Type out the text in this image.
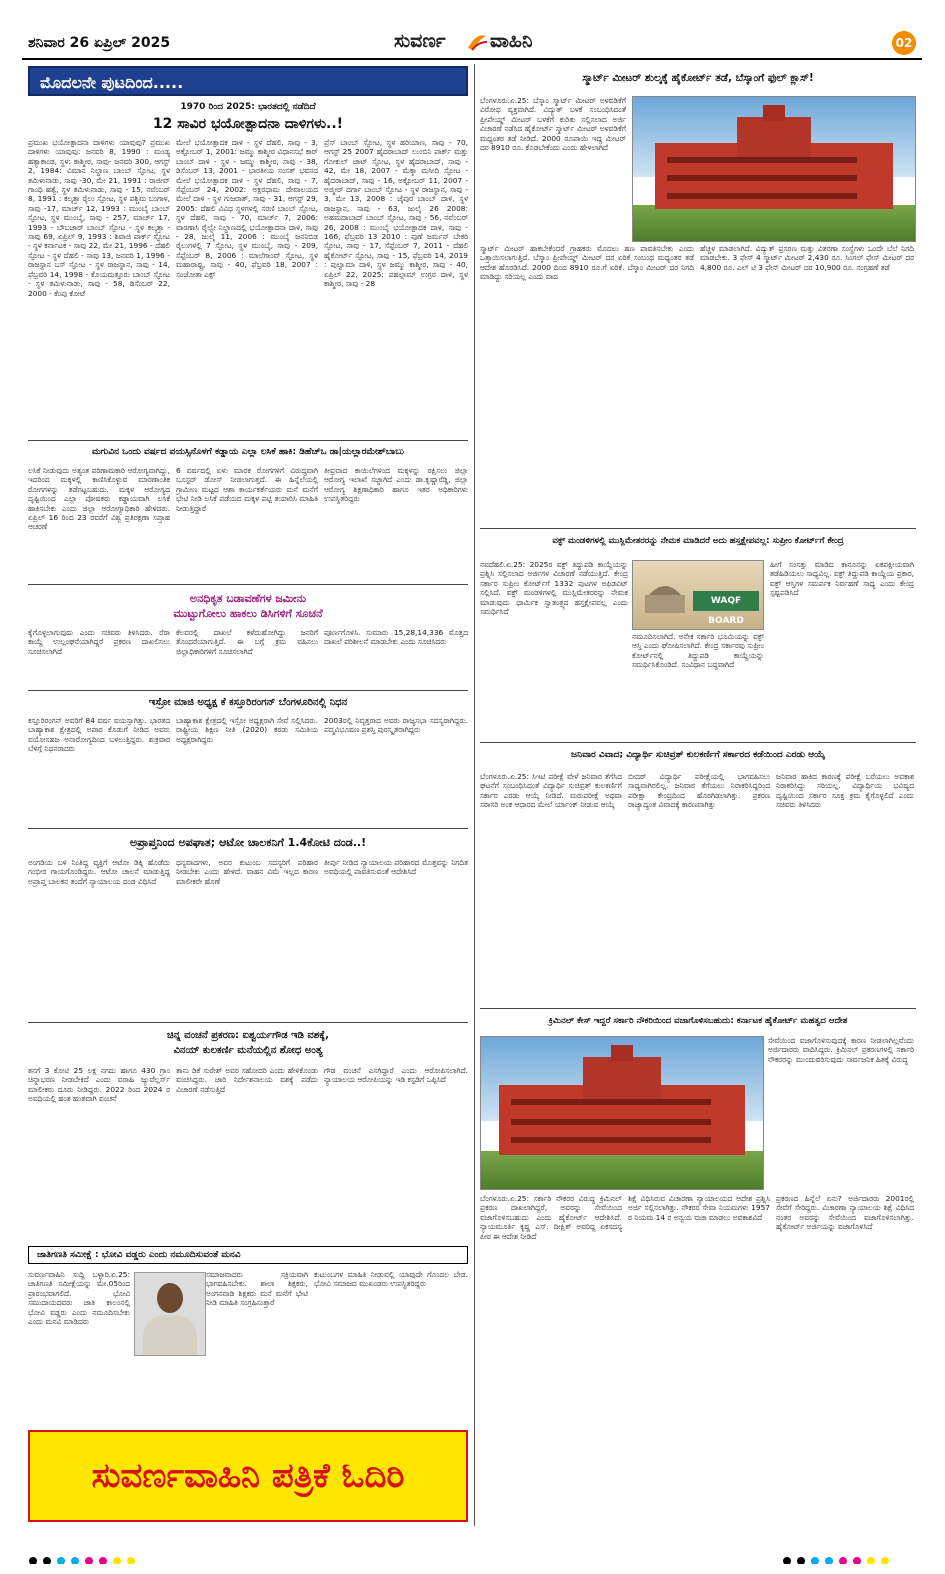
ಶನಿವಾರ 26 ಏಪ್ರಿಲ್ 2025	ಸುವರ್ಣ ವಾಹಿನಿ	02
ಮೊದಲನೇ ಪುಟದಿಂದ.....
1970 ರಿಂದ 2025: ಭಾರತದಲ್ಲಿ ನಡೆದಿದೆ
12 ಸಾವಿರ ಭಯೋತ್ಪಾದನಾ ದಾಳಿಗಳು..!
ಪ್ರಮುಖ ಭಯೋತ್ಪಾದನಾ ದಾಳಿಗಳು ಯಾವುವು? ಪ್ರಮುಖ ದಾಳಿಗಳು ಯಾವುವು: ಜನವರಿ 8, 1990 : ಮಂಡ್ಯ ಹತ್ಯಾಕಾಂಡ, ಸ್ಥಳ: ಕಾಶ್ಮೀರ, ಸಾವು- ಜನವರಿ 300, ಆಗಸ್ಟ್ 2, 1984: ವಿಮಾನ ನಿಲ್ದಾಣ ಬಾಂಬ್ ಸ್ಫೋಟ, ಸ್ಥಳ ತಮಿಳುನಾಡು, ಸಾವು -30, ಮೇ 21, 1991 : ರಾಜೀವ್ ಗಾಂಧಿ ಹತ್ಯೆ, ಸ್ಥಳ ತಮಿಳುನಾಡು, ಸಾವು - 15, ನವೆಂಬರ್ 8, 1991 : ಕಲ್ಕತ್ತಾ ರೈಲು ಸ್ಫೋಟ, ಸ್ಥಳ ಪಶ್ಚಿಮ ಬಂಗಾಳ, ಸಾವು -17, ಮಾರ್ಚ್ 12, 1993 : ಮುಂಬೈ ಬಾಂಬ್ ಸ್ಫೋಟ, ಸ್ಥಳ ಮುಂಬೈ, ಸಾವು - 257, ಮಾರ್ಚ್ 17, 1993 - ಬೌಬಜಾರ್ ಬಾಂಬ್ ಸ್ಫೋಟ - ಸ್ಥಳ ಕಲ್ಕತ್ತಾ - ಸಾವು 69, ಏಪ್ರಿಲ್ 9, 1993 : ಶಿವಾಜಿ ಪಾರ್ಕ್ ಸ್ಫೋಟ - ಸ್ಥಳ ಕರ್ನಾಟಕ - ಸಾವು 22, ಮೇ 21, 1996 - ದೆಹಲಿ ಸ್ಫೋಟ - ಸ್ಥಳ ದೆಹಲಿ - ಸಾವು 13, ಜನವರಿ 1, 1996 - ರಾಜಸ್ಥಾನ ಬಸ್ ಸ್ಫೋಟ - ಸ್ಥಳ ರಾಜಸ್ಥಾನ, ಸಾವು - 14, ಫೆಬ್ರವರಿ 14, 1998 - ಕೊಯಮತ್ತೂರು ಬಾಂಬ್ ಸ್ಫೋಟ - ಸ್ಥಳ ತಮಿಳುನಾಡು, ಸಾವು - 58, ಡಿಸೆಂಬರ್ 22, 2000 - ಕೆಂಪು ಕೋಟೆ
ಮೇಲೆ ಭಯೋತ್ಪಾದಕ ದಾಳಿ - ಸ್ಥಳ ದೆಹಲಿ, ಸಾವು - 3, ಅಕ್ಟೋಬರ್ 1, 2001: ಜಮ್ಮು ಕಾಶ್ಮೀರ ವಿಧಾನಸಭೆ ಕಾರ್ ಬಾಂಬ್ ದಾಳಿ - ಸ್ಥಳ - ಜಮ್ಮು ಕಾಶ್ಮೀರ, ಸಾವು - 38, ಡಿಸೆಂಬರ್ 13, 2001 - ಭಾರತೀಯ ಸಂಸತ್ ಭವನದ ಮೇಲೆ ಭಯೋತ್ಪಾದಕ ದಾಳಿ - ಸ್ಥಳ ದೆಹಲಿ, ಸಾವು - 7, ಸೆಪ್ಟೆಂಬರ್ 24, 2002: ಅಕ್ಷರಧಾಮ ದೇವಾಲಯದ ಮೇಲೆ ದಾಳಿ - ಸ್ಥಳ ಗುಜರಾತ್, ಸಾವು - 31, ಆಗಸ್ಟ್ 29, 2005: ದೆಹಲಿ ವಿವಿಧ ಸ್ಥಳಗಳಲ್ಲಿ ಸರಣಿ ಬಾಂಬ್ ಸ್ಫೋಟ, ಸ್ಥಳ ದೆಹಲಿ, ಸಾವು - 70, ಮಾರ್ಚ್ 7, 2006: ವಾರಣಾಸಿ ರೈಲ್ವೇ ನಿಲ್ದಾಣದಲ್ಲಿ ಭಯೋತ್ಪಾದನಾ ದಾಳಿ, ಸಾವು - 28, ಜುಲೈ 11, 2006 : ಮುಂಬೈ ಜನನಿಬಿಡ ರೈಲುಗಳಲ್ಲಿ 7 ಸ್ಫೋಟ, ಸ್ಥಳ ಮುಂಬೈ, ಸಾವು - 209, ಸೆಪ್ಟೆಂಬರ್ 8, 2006 : ಮಾಲೆಗಾಂವ್ ಸ್ಫೋಟ, ಸ್ಥಳ ಮಹಾರಾಷ್ಟ್ರ, ಸಾವು - 40, ಫೆಬ್ರವರಿ 18, 2007 : ಸಂಜೋತಾ ಎಕ್ಸ್
ಪ್ರೆಸ್ ಬಾಂಬ್ ಸ್ಫೋಟ, ಸ್ಥಳ ಹರಿಯಾಣ, ಸಾವು - 70, ಆಗಸ್ಟ್ 25 2007 ಹೈದರಾಬಾದ್ ಲುಂಬಿನಿ ಪಾರ್ಕ್ ಮತ್ತು ಗೋಕುಲ್ ಚಾಟ್ ಸ್ಫೋಟ, ಸ್ಥಳ ಹೈದರಾಬಾದ್, ಸಾವು - 42, ಮೇ 18, 2007 - ಮೆಕ್ಕಾ ಮಸೀದಿ ಸ್ಫೋಟ - ಹೈದರಾಬಾದ್, ಸಾವು - 16, ಅಕ್ಟೋಬರ್ 11, 2007 - ಅಜ್ಮೀರ್ ದರ್ಗಾ ಬಾಂಬ್ ಸ್ಫೋಟ - ಸ್ಥಳ ರಾಜಸ್ಥಾನ, ಸಾವು - 3, ಮೇ 13, 2008 : ಜೈಪುರ ಬಾಂಬ್ ದಾಳಿ, ಸ್ಥಳ ರಾಜಸ್ಥಾನ, ಸಾವು - 63, ಜುಲೈ 26 2008: ಅಹಮದಾಬಾದ್ ಬಾಂಬ್ ಸ್ಫೋಟ, ಸಾವು - 56, ನವೆಂಬರ್ 26, 2008 : ಮುಂಬೈ ಭಯೋತ್ಪಾದಕ ದಾಳಿ, ಸಾವು - 166, ಫೆಬ್ರವರಿ 13 2010 : ಪುಣೆ ಜರ್ಮನ್ ಬೇಕರಿ ಸ್ಫೋಟ, ಸಾವು - 17, ಸೆಪ್ಟೆಂಬರ್ 7, 2011 - ದೆಹಲಿ ಹೈಕೋರ್ಟ್ ಸ್ಫೋಟ, ಸಾವು - 15, ಫೆಬ್ರವರಿ 14, 2019 : ಪುಲ್ವಾಮಾ ದಾಳಿ, ಸ್ಥಳ ಜಮ್ಮು ಕಾಶ್ಮೀರ, ಸಾವು - 40, ಏಪ್ರಿಲ್ 22, 2025: ಪಹಲ್ಗಾಮ್ ಉಗ್ರರ ದಾಳಿ, ಸ್ಥಳ ಕಾಶ್ಮೀರ, ಸಾವು - 28
ಮಗುವಿನ ಒಂದು ವರ್ಷದ ವಯಸ್ಸಿನೊಳಗೆ ಕಡ್ಡಾಯ ಎಲ್ಲಾ ಲಸಿಕೆ ಹಾಕಿ: ಡಿಹೆಚ್ಒ ಡಾ|ಯಲ್ಲಾರಮೇಶ್‌ಬಾಬು
ಲಸಿಕೆ ನೀಡುವುದು ಅತ್ಯಂತ ಪರಿಣಾಮಕಾರಿ ಆರೋಗ್ಯವಾಗಿದ್ದು, ಇದರಿಂದ ಮಕ್ಕಳಲ್ಲಿ ಕಾಣಿಸಿಕೊಳ್ಳುವ ಮಾರಣಾಂತಿಕ ರೋಗಗಳನ್ನು ತಡೆಗಟ್ಟಬಹುದು. ಮಕ್ಕಳ ಆರೋಗ್ಯದ ದೃಷ್ಟಿಯಿಂದ ಎಲ್ಲಾ ಪೋಷಕರು ಕಡ್ಡಾಯವಾಗಿ ಲಸಿಕೆ ಹಾಕಿಸಬೇಕು ಎಂದು ಜಿಲ್ಲಾ ಆರೋಗ್ಯಾಧಿಕಾರಿ ಹೇಳಿದರು. ಏಪ್ರಿಲ್ 16 ರಿಂದ 23 ರವರೆಗೆ ವಿಶ್ವ ಪ್ರತಿರಕ್ಷಣಾ ಸಪ್ತಾಹ ಆಚರಣೆ
6 ವರ್ಷದಲ್ಲಿ ಏಳು ಮಾರಕ ರೋಗಗಳಿಗೆ ವಿರುದ್ಧವಾಗಿ ಬೂಸ್ಟರ್ ಡೋಸ್ ನೀಡಲಾಗುತ್ತದೆ. ಈ ಹಿನ್ನೆಲೆಯಲ್ಲಿ ಗ್ರಾಮೀಣ ಮಟ್ಟದ ಆಶಾ ಕಾರ್ಯಕರ್ತೆಯರು ಮನೆ ಮನೆಗೆ ಭೇಟಿ ನೀಡಿ ಲಸಿಕೆ ಪಡೆಯದ ಮಕ್ಕಳ ಪಟ್ಟಿ ತಯಾರಿಸಿ ಮಾಹಿತಿ ನೀಡುತ್ತಿದ್ದಾರೆ
ತೀವ್ರವಾದ ಕಾಯಿಲೆಗಳಿಂದ ಮಕ್ಕಳನ್ನು ರಕ್ಷಿಸಲು ಜಿಲ್ಲಾ ಆರೋಗ್ಯ ಇಲಾಖೆ ಸಜ್ಜಾಗಿದೆ ಎಂದು ಡಾ.ಕೃಷ್ಣಾರೆಡ್ಡಿ, ಜಿಲ್ಲಾ ಆರೋಗ್ಯ ಶಿಕ್ಷಣಾಧಿಕಾರಿ ಹಾಗೂ ಇತರ ಅಧಿಕಾರಿಗಳು ಉಪಸ್ಥಿತರಿದ್ದರು
ಅನಧಿಕೃತ ಬಡಾವಣೆಗಳ ಜಮೀನು
ಮುಟ್ಟುಗೋಲು ಹಾಕಲು ಡಿಸಿಗಳಿಗೆ ಸೂಚನೆ
ಕೈಗೊಳ್ಳಲಾಗುವುದು ಎಂದು ಸಚಿವರು ತಿಳಿಸಿದರು. ರೆರಾ ಕಾಯ್ದೆ ಉಲ್ಲಂಘನೆಯಾಗಿದ್ದರೆ ಪ್ರಕರಣ ದಾಖಲಿಸಲು ಸೂಚಿಸಲಾಗಿದೆ
ಕೆಲವರಲ್ಲಿ ದಾಖಲೆ ಕಳೆದುಹೋಗಿದ್ದು ಜನರಿಗೆ ತೊಂದರೆಯಾಗುತ್ತಿದೆ. ಈ ಬಗ್ಗೆ ಕ್ರಮ ವಹಿಸಲು ಜಿಲ್ಲಾಧಿಕಾರಿಗಳಿಗೆ ಸೂಚಿಸಲಾಗಿದೆ
ಪೂರ್ಣಗೊಳಿಸಿ. ಸುಮಾರು 15,28,14,336 ಮೊತ್ತದ ದಾಖಲೆ ಪರಿಶೀಲನೆ ಮಾಡಬೇಕು ಎಂದು ಸೂಚಿಸಿದರು
ಇಸ್ರೋ ಮಾಜಿ ಅಧ್ಯಕ್ಷ ಕೆ ಕಸ್ತೂರಿರಂಗನ್ ಬೆಂಗಳೂರಿನಲ್ಲಿ ನಿಧನ
ಕಸ್ತೂರಿರಂಗನ್ ಅವರಿಗೆ 84 ವರ್ಷ ವಯಸ್ಸಾಗಿತ್ತು. ಭಾರತದ ಬಾಹ್ಯಾಕಾಶ ಕ್ಷೇತ್ರದಲ್ಲಿ ಅಪಾರ ಕೊಡುಗೆ ನೀಡಿದ ಅವರು ವಯೋಸಹಜ ಅನಾರೋಗ್ಯದಿಂದ ಬಳಲುತ್ತಿದ್ದರು. ಶುಕ್ರವಾರ ಬೆಳಿಗ್ಗೆ ನಿಧನರಾದರು
ಬಾಹ್ಯಾಕಾಶ ಕ್ಷೇತ್ರದಲ್ಲಿ ಇಸ್ರೋ ಅಧ್ಯಕ್ಷರಾಗಿ ಸೇವೆ ಸಲ್ಲಿಸಿದರು. ರಾಷ್ಟ್ರೀಯ ಶಿಕ್ಷಣ ನೀತಿ (2020) ಕರಡು ಸಮಿತಿಯ ಅಧ್ಯಕ್ಷರಾಗಿದ್ದರು
2003ರಲ್ಲಿ ನಿವೃತ್ತರಾದ ಅವರು ರಾಜ್ಯಸಭಾ ಸದಸ್ಯರಾಗಿದ್ದರು. ಪದ್ಮವಿಭೂಷಣ ಪ್ರಶಸ್ತಿ ಪುರಸ್ಕೃತರಾಗಿದ್ದರು
ಅಪ್ರಾಪ್ತನಿಂದ ಅಪಘಾತ; ಆಟೋ ಚಾಲಕನಿಗೆ 1.4ಕೋಟಿ ದಂಡ..!
ಅಂಗಡಿಯ ಬಳಿ ನಿಂತಿದ್ದ ವ್ಯಕ್ತಿಗೆ ಆಟೋ ಡಿಕ್ಕಿ ಹೊಡೆದು ಗಂಭೀರ ಗಾಯಗೊಂಡಿದ್ದರು. ಆಟೋ ಚಾಲನೆ ಮಾಡುತ್ತಿದ್ದ ಅಪ್ರಾಪ್ತ ಬಾಲಕನ ತಂದೆಗೆ ನ್ಯಾಯಾಲಯ ದಂಡ ವಿಧಿಸಿದೆ
ಧನ್ಯವಾದಗಳು, ಅವರ ಕುಟುಂಬ ಸದಸ್ಯರಿಗೆ ಪರಿಹಾರ ನೀಡಬೇಕು ಎಂದು ಹೇಳಿದೆ. ವಾಹನ ವಿಮೆ ಇಲ್ಲದ ಕಾರಣ ಮಾಲೀಕರೇ ಹೊಣೆ
ತೀರ್ಪು ನೀಡಿದ ನ್ಯಾಯಾಲಯ ಪರಿಹಾರದ ಮೊತ್ತವನ್ನು ನಿಗದಿತ ಅವಧಿಯಲ್ಲಿ ಪಾವತಿಸುವಂತೆ ಆದೇಶಿಸಿದೆ
ಚಿನ್ನ ವಂಚನೆ ಪ್ರಕರಣ: ಐಶ್ವರ್ಯಗೌಡ ಇಡಿ ವಶಕ್ಕೆ,
ವಿನಯ್ ಕುಲಕರ್ಣಿ ಮನೆಯಲ್ಲಿನ ಶೋಧ ಅಂತ್ಯ
ತನಗೆ 3 ಕೋಟಿ 25 ಲಕ್ಷ ನಗದು ಹಾಗೂ 430 ಗ್ರಾಂ ಚಿನ್ನಾಭರಣ ನೀಡಬೇಕಿದೆ ಎಂದು ವರಾಹಿ ಜ್ಯುವೆಲ್ಲರ್ಸ್ ಮಾಲೀಕರು ದೂರು ನೀಡಿದ್ದರು. 2022 ರಿಂದ 2024 ರ ಅವಧಿಯಲ್ಲಿ ಹಂತ ಹಂತವಾಗಿ ವಂಚನೆ
ತಾನು ಡಿಕೆ ಸುರೇಶ್ ಅವರ ಸಹೋದರಿ ಎಂದು ಹೇಳಿಕೊಂಡು ವಂಚಿಸಿದ್ದರು. ಜಾರಿ ನಿರ್ದೇಶನಾಲಯ ವಶಕ್ಕೆ ಪಡೆದು ವಿಚಾರಣೆ ನಡೆಸುತ್ತಿದೆ
ಗೌಡ ವಂಚನೆ ಎಸಗಿದ್ದಾರೆ ಎಂದು ಆರೋಪಿಸಲಾಗಿದೆ. ನ್ಯಾಯಾಲಯ ಆರೋಪಿಯನ್ನು ಇಡಿ ಕಸ್ಟಡಿಗೆ ಒಪ್ಪಿಸಿದೆ
ಜಾತಿಗಣತಿ ಸಮೀಕ್ಷೆ : ಭೋವಿ ವಡ್ಡರು ಎಂದು ನಮೂದಿಸುವಂತೆ ಮನವಿ
ಸುವರ್ಣವಾಹಿನಿ ಸುದ್ದಿ ಬಳ್ಳಾರಿ.ಏ.25: ಜಾತಿಗಣತಿ ಸಮೀಕ್ಷೆಯನ್ನು ಮೇ.05ರಿಂದ ಪ್ರಾರಂಭವಾಗಲಿದೆ. ಭೋವಿ ಸಮುದಾಯದವರು ಜಾತಿ ಕಾಲಂನಲ್ಲಿ ಭೋವಿ ವಡ್ಡರು ಎಂದು ನಮೂದಿಸಬೇಕು ಎಂದು ಮನವಿ ಮಾಡಿದರು
ಸಮಾಜವಾದರು ಸಕ್ರಿಯವಾಗಿ ಭಾಗವಹಿಸಬೇಕು. ಶಾಲಾ ಶಿಕ್ಷಕರು, ಅಂಗನವಾಡಿ ಶಿಕ್ಷಕರು ಮನೆ ಮನೆಗೆ ಭೇಟಿ ನೀಡಿ ಮಾಹಿತಿ ಸಂಗ್ರಹಿಸುತ್ತಾರೆ
ಕುಟುಂಬಗಳ ಮಾಹಿತಿ ನೀಡುವಲ್ಲಿ ಯಾವುದೇ ಗೊಂದಲ ಬೇಡ. ಭೋವಿ ಸಮಾಜದ ಮುಖಂಡರು ಉಪಸ್ಥಿತರಿದ್ದರು
ಸುವರ್ಣವಾಹಿನಿ ಪತ್ರಿಕೆ ಓದಿರಿ
ಸ್ಮಾರ್ಟ್ ಮೀಟರ್ ಶುಲ್ಕಕ್ಕೆ ಹೈಕೋರ್ಟ್ ತಡೆ, ಬೆಸ್ಕಾಂಗೆ ಫುಲ್ ಕ್ಲಾಸ್!
ಬೆಂಗಳೂರು.ಏ.25: ಬೆಸ್ಕಾಂ ಸ್ಮಾರ್ಟ್ ಮೀಟರ್ ಅಳವಡಿಕೆಗೆ ವಿರೋಧ ವ್ಯಕ್ತವಾಗಿದೆ. ವಿದ್ಯುತ್ ಬಳಕೆ ಸಂಬಂಧಿಸಿದಂತೆ ಪ್ರೀಪೇಯ್ಡ್ ಮೀಟರ್ ಬಳಕೆಗೆ ಕುರಿತು ಸಲ್ಲಿಸಲಾದ ಅರ್ಜಿ ವಿಚಾರಣೆ ನಡೆಸಿದ ಹೈಕೋರ್ಟ್ ಸ್ಮಾರ್ಟ್ ಮೀಟರ್ ಅಳವಡಿಕೆಗೆ ಮಧ್ಯಂತರ ತಡೆ ನೀಡಿದೆ. 2000 ರೂಪಾಯಿ ಇದ್ದ ಮೀಟರ್ ದರ 8910 ರೂ. ಕೊಡಬೇಕೆಂದು ಎಂದು ಹೇಳಲಾಗಿದೆ
ಸ್ಮಾರ್ಟ್ ಮೀಟರ್ ಹಾಕಬೇಕೆಂದರೆ ಗ್ರಾಹಕರು ಮೊದಲು ಹಣ ಪಾವತಿಸಬೇಕು ಎಂದು ಒತ್ತಾಯಿಸಲಾಗುತ್ತಿದೆ. ಬೆಸ್ಕಾಂ ಪ್ರೀಪೇಯ್ಡ್ ಮೀಟರ್ ದರ ಏರಿಕೆ ಸಂಬಂಧ ಮಧ್ಯಂತರ ತಡೆ ಆದೇಶ ಹೊರಡಿಸಿದೆ. 2000 ದಿಂದ 8910 ರೂ.ಗೆ ಏರಿಕೆ. ಬೆಸ್ಕಾಂ ಮೀಟರ್ ದರ ನಿಗದಿ ಮಾಡಿದ್ದು ಸರಿಯಲ್ಲ ಎಂದು ವಾದ
ಹೆಚ್ಚಳ ಮಾಡಲಾಗಿದೆ. ವಿದ್ಯುತ್ ಪ್ರಸರಣ ಮತ್ತು ವಿತರಣಾ ಸಂಸ್ಥೆಗಳು ಒಂದೇ ಬೆಲೆ ನಿಗದಿ ಮಾಡಬೇಕು. 3 ಫೇಸ್ 4 ಸ್ಮಾರ್ಟ್ ಮೀಟರ್ 2,430 ರೂ. ಸಿಂಗಲ್ ಫೇಸ್ ಮೀಟರ್ ದರ 4,800 ರೂ. ಎಲ್ ಟಿ 3 ಫೇಸ್ ಮೀಟರ್ ದರ 10,900 ರೂ. ಸಂಗ್ರಹಣೆ ತಡೆ
ವಕ್ಫ್ ಮಂಡಳಿಗಳಲ್ಲಿ ಮುಸ್ಲಿಮೇತರರನ್ನು ನೇಮಕ ಮಾಡಿದರೆ ಅದು ಹಸ್ತಕ್ಷೇಪವಲ್ಲ: ಸುಪ್ರೀಂ ಕೋರ್ಟ್‌ಗೆ ಕೇಂದ್ರ
ನವದೆಹಲಿ.ಏ.25: 2025ರ ವಕ್ಫ್ ತಿದ್ದುಪಡಿ ಕಾಯ್ದೆಯನ್ನು ಪ್ರಶ್ನಿಸಿ ಸಲ್ಲಿಸಲಾದ ಅರ್ಜಿಗಳ ವಿಚಾರಣೆ ನಡೆಯುತ್ತಿದೆ. ಕೇಂದ್ರ ಸರ್ಕಾರ ಸುಪ್ರೀಂ ಕೋರ್ಟ್‌ಗೆ 1332 ಪುಟಗಳ ಅಫಿಡವಿಟ್ ಸಲ್ಲಿಸಿದೆ. ವಕ್ಫ್ ಮಂಡಳಿಗಳಲ್ಲಿ ಮುಸ್ಲಿಮೇತರರನ್ನು ನೇಮಕ ಮಾಡುವುದು ಧಾರ್ಮಿಕ ಸ್ವಾತಂತ್ರ್ಯದ ಹಸ್ತಕ್ಷೇಪವಲ್ಲ ಎಂದು ಸಮರ್ಥಿಸಿದೆ
WAQF BOARD
ನಮೂದಿಸಲಾಗಿದೆ. ಅನೇಕ ಸರ್ಕಾರಿ ಭೂಮಿಯನ್ನು ವಕ್ಫ್ ಆಸ್ತಿ ಎಂದು ಘೋಷಿಸಲಾಗಿದೆ. ಕೇಂದ್ರ ಸರ್ಕಾರವು ಸುಪ್ರೀಂ ಕೋರ್ಟ್‌ನಲ್ಲಿ ತಿದ್ದುಪಡಿ ಕಾಯ್ದೆಯನ್ನು ಸಮರ್ಥಿಸಿಕೊಂಡಿದೆ. ಸಂವಿಧಾನ ಬದ್ಧವಾಗಿದೆ
ಹೀಗೆ ಸಂಸತ್ತು ಮಾಡಿದ ಕಾನೂನನ್ನು ಏಕಪಕ್ಷೀಯವಾಗಿ ತಡೆಹಿಡಿಯಲು ಸಾಧ್ಯವಿಲ್ಲ. ವಕ್ಫ್ ತಿದ್ದುಪಡಿ ಕಾಯ್ದೆಯ ಪ್ರಕಾರ, ವಕ್ಫ್ ಆಸ್ತಿಗಳ ಸಮರ್ಪಕ ನಿರ್ವಹಣೆ ಸಾಧ್ಯ ಎಂದು ಕೇಂದ್ರ ಸ್ಪಷ್ಟಪಡಿಸಿದೆ
ಜನಿವಾರ ವಿವಾದ; ವಿದ್ಯಾರ್ಥಿ ಸುಚಿವ್ರತ್ ಕುಲಕರ್ಣಿಗೆ ಸರ್ಕಾರದ ಕಡೆಯಿಂದ ಎರಡು ಆಯ್ಕೆ
ಬೆಂಗಳೂರು.ಏ.25: ಸಿಇಟಿ ಪರೀಕ್ಷೆ ವೇಳೆ ಜನಿವಾರ ತೆಗೆಸಿದ ಘಟನೆಗೆ ಸಂಬಂಧಿಸಿದಂತೆ ವಿದ್ಯಾರ್ಥಿ ಸುಚಿವ್ರತ್ ಕುಲಕರ್ಣಿಗೆ ಸರ್ಕಾರ ಎರಡು ಆಯ್ಕೆ ನೀಡಿದೆ. ಮರುಪರೀಕ್ಷೆ ಅಥವಾ ಸರಾಸರಿ ಅಂಕ ಆಧಾರದ ಮೇಲೆ ರ್ಯಾಂಕ್ ನೀಡುವ ಆಯ್ಕೆ
ಬೀದರ್ ವಿದ್ಯಾರ್ಥಿ ಪರೀಕ್ಷೆಯಲ್ಲಿ ಭಾಗವಹಿಸಲು ಸಾಧ್ಯವಾಗಿರಲಿಲ್ಲ. ಜನಿವಾರ ತೆಗೆಯಲು ನಿರಾಕರಿಸಿದ್ದರಿಂದ ಪರೀಕ್ಷಾ ಕೇಂದ್ರದಿಂದ ಹೊರಗಿಡಲಾಗಿತ್ತು. ಪ್ರಕರಣ ರಾಜ್ಯಾದ್ಯಂತ ವಿವಾದಕ್ಕೆ ಕಾರಣವಾಗಿತ್ತು
ಜನಿವಾರ ಹಾಕಿದ ಕಾರಣಕ್ಕೆ ಪರೀಕ್ಷೆ ಬರೆಯಲು ಅವಕಾಶ ನಿರಾಕರಿಸಿದ್ದು ಸರಿಯಲ್ಲ. ವಿದ್ಯಾರ್ಥಿಯ ಭವಿಷ್ಯದ ದೃಷ್ಟಿಯಿಂದ ಸರ್ಕಾರ ಸೂಕ್ತ ಕ್ರಮ ಕೈಗೊಳ್ಳಲಿದೆ ಎಂದು ಸಚಿವರು ತಿಳಿಸಿದರು
ಕ್ರಿಮಿನಲ್ ಕೇಸ್ ಇದ್ದರೆ ಸರ್ಕಾರಿ ನೌಕರಿಯಿಂದ ವಜಾಗೊಳಿಸಬಹುದು: ಕರ್ನಾಟಕ ಹೈಕೋರ್ಟ್ ಮಹತ್ವದ ಆದೇಶ
ಸೇವೆಯಿಂದ ವಜಾಗೊಳಿಸುವುದಕ್ಕೆ ಕಾರಣ ನೀಡಲಾಗಿಲ್ಲವೆಂದು ಅರ್ಜಿದಾರರು ವಾದಿಸಿದ್ದರು. ಕ್ರಿಮಿನಲ್ ಪ್ರಕರಣಗಳಲ್ಲಿ ಸರ್ಕಾರಿ ನೌಕರರನ್ನು ಮುಂದುವರಿಸುವುದು ಸಾರ್ವಜನಿಕ ಹಿತಕ್ಕೆ ವಿರುದ್ಧ
ಬೆಂಗಳೂರು.ಏ.25: ಸರ್ಕಾರಿ ನೌಕರರ ವಿರುದ್ಧ ಕ್ರಿಮಿನಲ್ ಪ್ರಕರಣ ದಾಖಲಾಗಿದ್ದರೆ, ಅವರನ್ನು ಸೇವೆಯಿಂದ ವಜಾಗೊಳಿಸಬಹುದು ಎಂದು ಹೈಕೋರ್ಟ್ ಆದೇಶಿಸಿದೆ. ನ್ಯಾಯಮೂರ್ತಿ ಕೃಷ್ಣ ಎಸ್. ದೀಕ್ಷಿತ್ ಅವರಿದ್ದ ಏಕಸದಸ್ಯ ಪೀಠ ಈ ಆದೇಶ ನೀಡಿದೆ
ಶಿಕ್ಷೆ ವಿಧಿಸಿರುವ ವಿಚಾರಣಾ ನ್ಯಾಯಾಲಯದ ಆದೇಶ ಪ್ರಶ್ನಿಸಿ ಅರ್ಜಿ ಸಲ್ಲಿಸಲಾಗಿತ್ತು. ನೌಕರರ ಸೇವಾ ನಿಯಮಗಳು 1957 ರ ನಿಯಮ 14 ರ ಅನ್ವಯ ವಜಾ ಮಾಡಲು ಅವಕಾಶವಿದೆ
ಪ್ರಕರಣದ ಹಿನ್ನೆಲೆ ಏನು? ಅರ್ಜಿದಾರರು 2001ರಲ್ಲಿ ಸೇವೆಗೆ ಸೇರಿದ್ದರು. ವಿಚಾರಣಾ ನ್ಯಾಯಾಲಯ ಶಿಕ್ಷೆ ವಿಧಿಸಿದ ನಂತರ ಅವರನ್ನು ಸೇವೆಯಿಂದ ವಜಾಗೊಳಿಸಲಾಗಿತ್ತು. ಹೈಕೋರ್ಟ್ ಅರ್ಜಿಯನ್ನು ವಜಾಗೊಳಿಸಿದೆ
